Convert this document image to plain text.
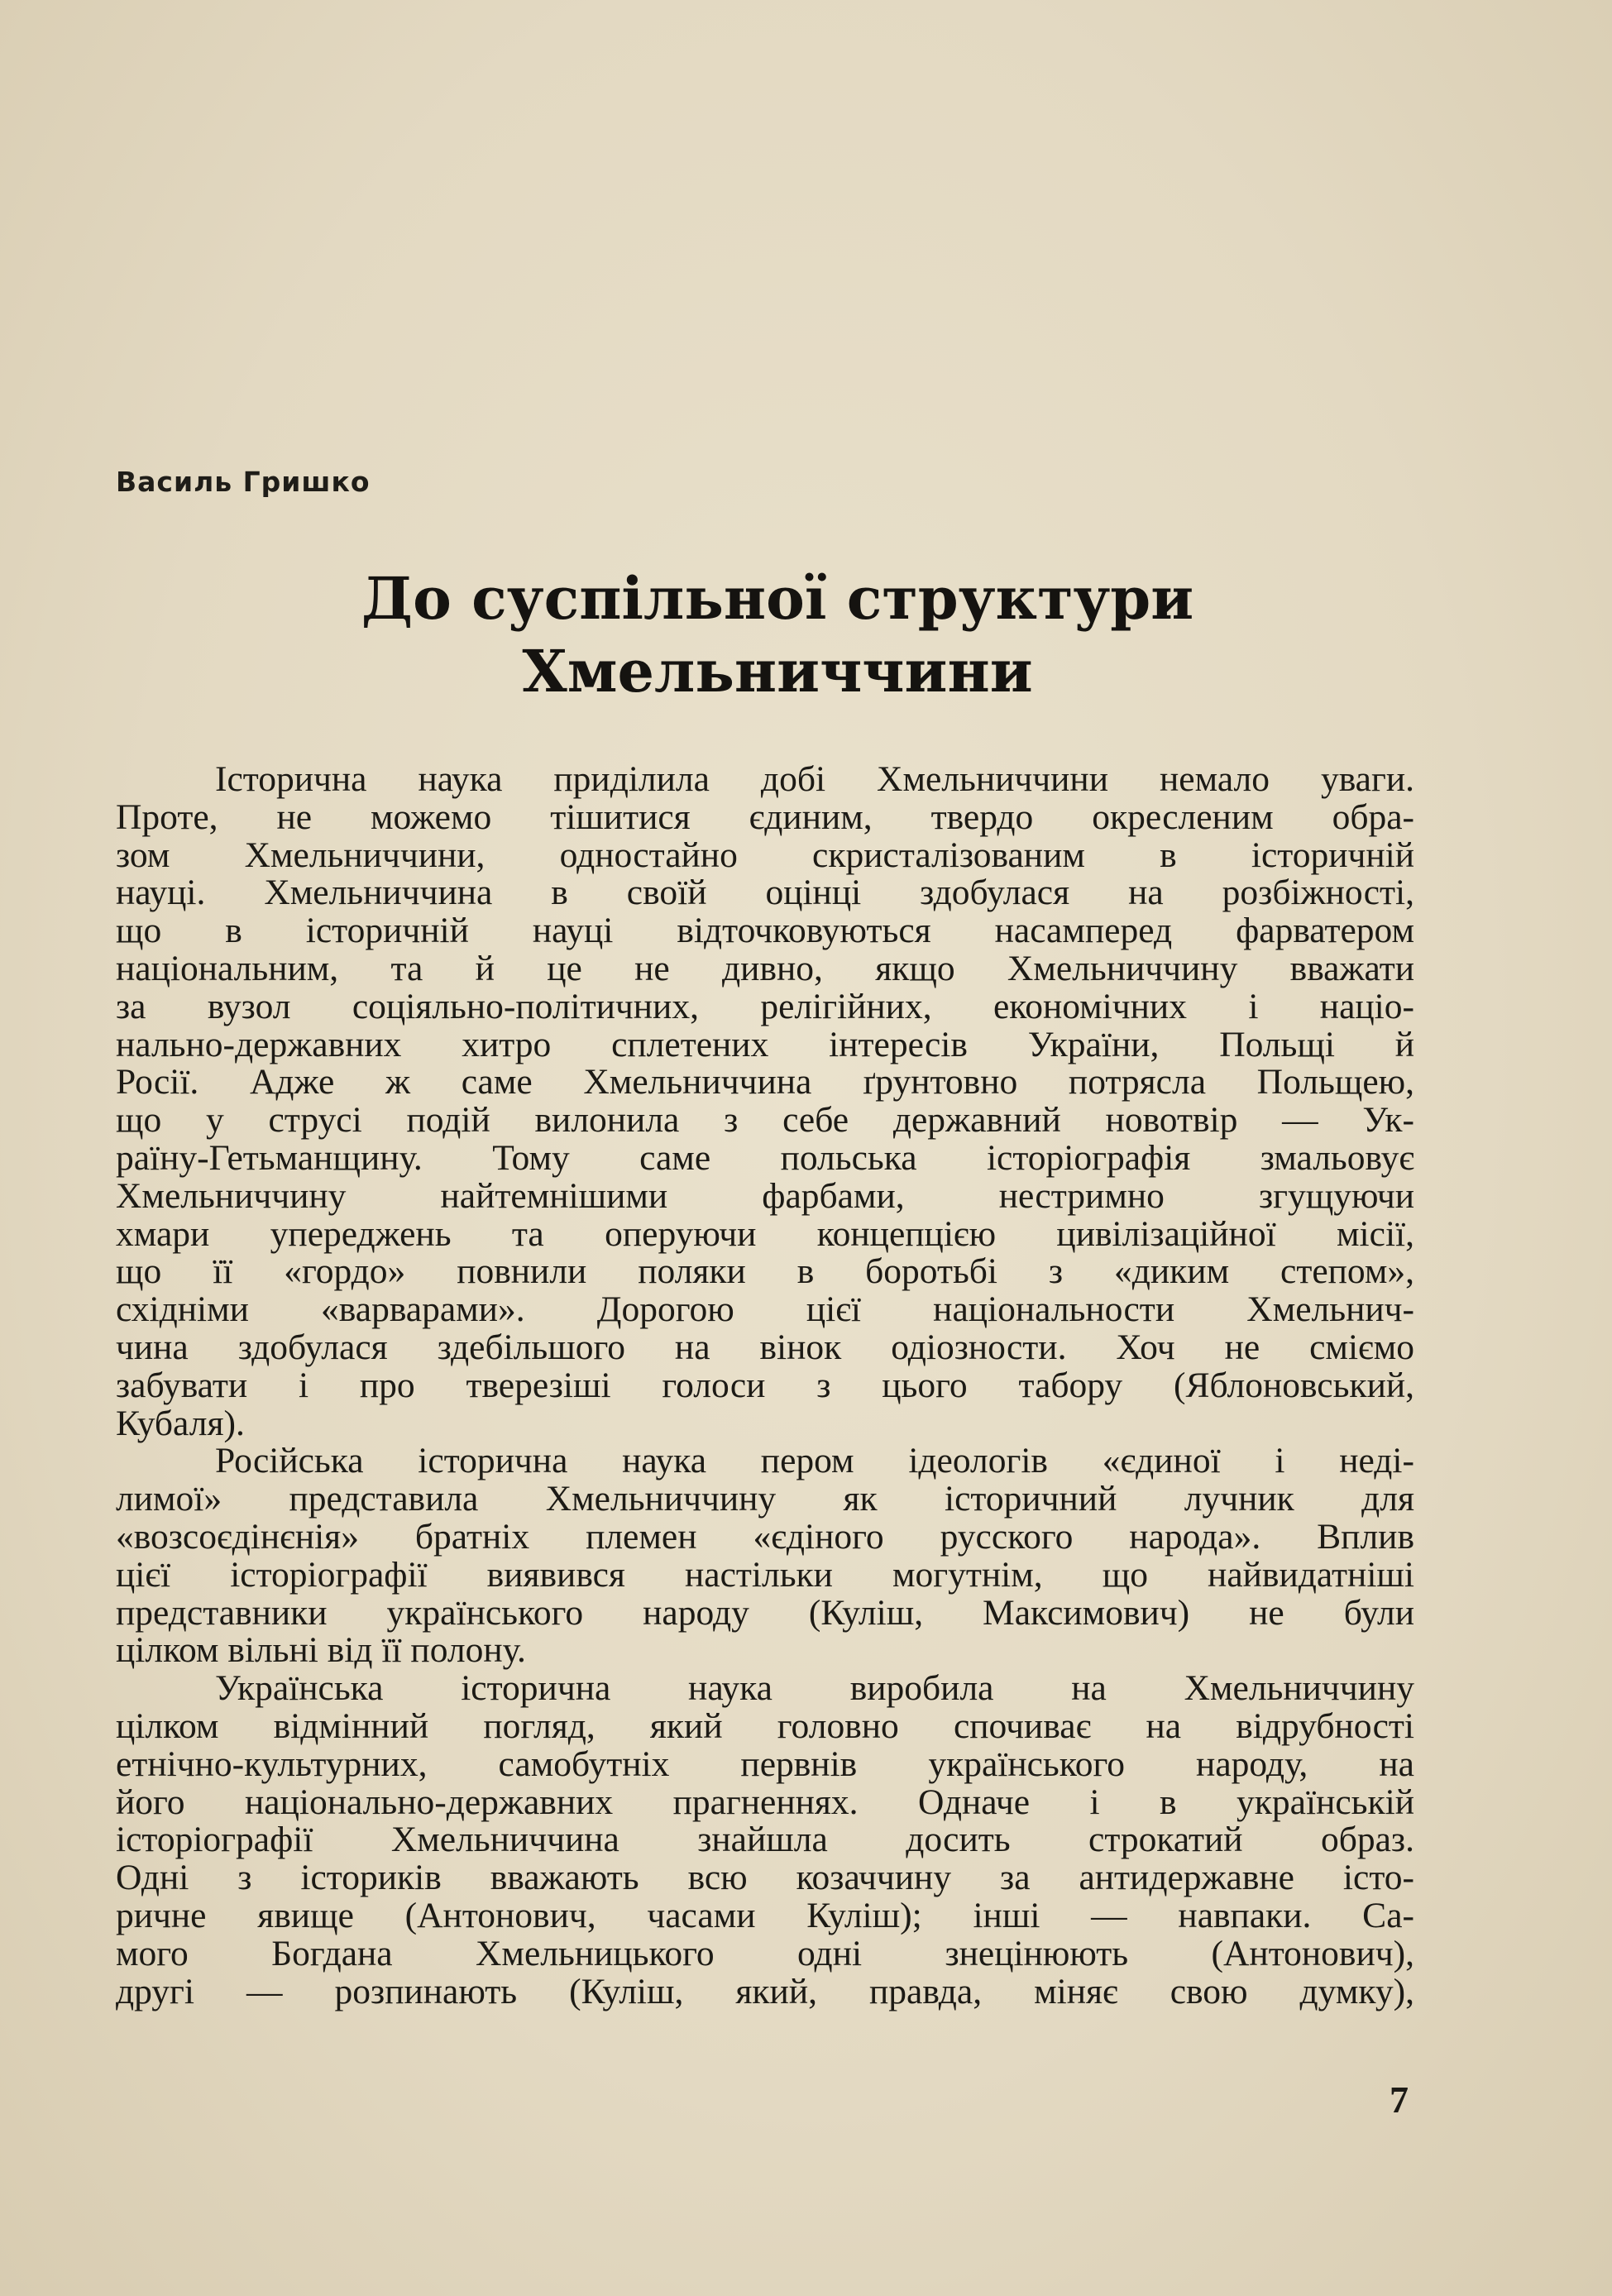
Василь Гришко
До суспільної структури
Хмельниччини

Історична наука приділила добі Хмельниччини немало уваги.
Проте, не можемо тішитися єдиним, твердо окресленим обра-
зом Хмельниччини, одностайно скристалізованим в історичній
науці. Хмельниччина в своїй оцінці здобулася на розбіжності,
що в історичній науці відточковуються насамперед фарватером
національним, та й це не дивно, якщо Хмельниччину вважати
за вузол соціяльно-політичних, релігійних, економічних і націо-
нально-державних хитро сплетених інтересів України, Польщі й
Росії. Адже ж саме Хмельниччина ґрунтовно потрясла Польщею,
що у струсі подій вилонила з себе державний новотвір — Ук-
раїну-Гетьманщину. Тому саме польська історіографія змальовує
Хмельниччину найтемнішими фарбами, нестримно згущуючи
хмари упереджень та оперуючи концепцією цивілізаційної місії,
що її «гордо» повнили поляки в боротьбі з «диким степом»,
східніми «варварами». Дорогою цієї національности Хмельнич-
чина здобулася здебільшого на вінок одіозности. Хоч не сміємо
забувати і про тверезіші голоси з цього табору (Яблоновський,
Кубаля).

Російська історична наука пером ідеологів «єдиної і неді-
лимої» представила Хмельниччину як історичний лучник для
«возсоєдінєнія» братніх племен «єдіного русского народа». Вплив
цієї історіографії виявився настільки могутнім, що найвидатніші
представники українського народу (Куліш, Максимович) не були
цілком вільні від її полону.

Українська історична наука виробила на Хмельниччину
цілком відмінний погляд, який головно спочиває на відрубності
етнічно-культурних, самобутніх первнів українського народу, на
його національно-державних прагненнях. Одначе і в українській
історіографії Хмельниччина знайшла досить строкатий образ.
Одні з істориків вважають всю козаччину за антидержавне істо-
ричне явище (Антонович, часами Куліш); інші — навпаки. Са-
мого Богдана Хмельницького одні знецінюють (Антонович),
другі — розпинають (Куліш, який, правда, міняє свою думку),

7
